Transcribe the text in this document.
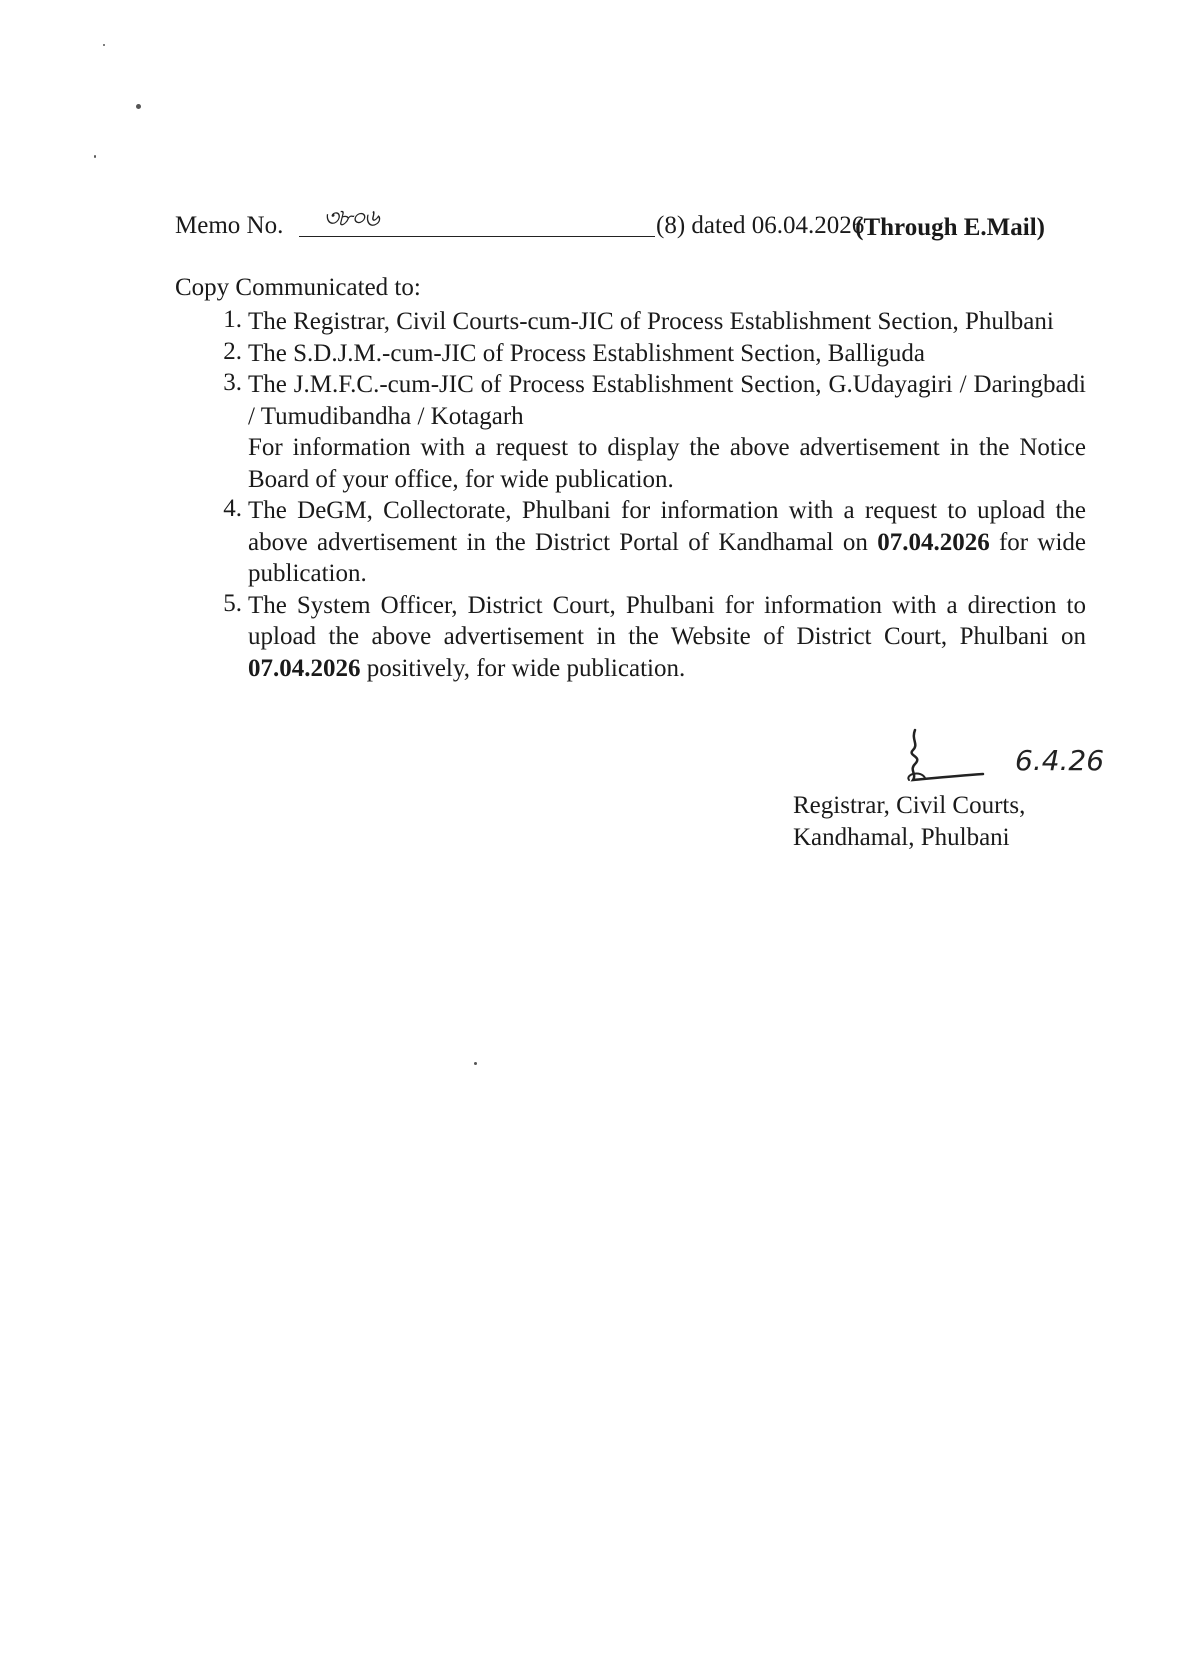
Memo No. ৩৮০৬	(8) dated 06.04.2026
(Through E.Mail)
Copy Communicated to:
1. The Registrar, Civil Courts-cum-JIC of Process Establishment Section, Phulbani
2. The S.D.J.M.-cum-JIC of Process Establishment Section, Balliguda
3. The J.M.F.C.-cum-JIC of Process Establishment Section, G.Udayagiri / Daringbadi / Tumudibandha / Kotagarh
For information with a request to display the above advertisement in the Notice Board of your office, for wide publication.
4. The DeGM, Collectorate, Phulbani for information with a request to upload the above advertisement in the District Portal of Kandhamal on 07.04.2026 for wide publication.
5. The System Officer, District Court, Phulbani for information with a direction to upload the above advertisement in the Website of District Court, Phulbani on 07.04.2026 positively, for wide publication.
6.4.26
Registrar, Civil Courts,
Kandhamal, Phulbani
